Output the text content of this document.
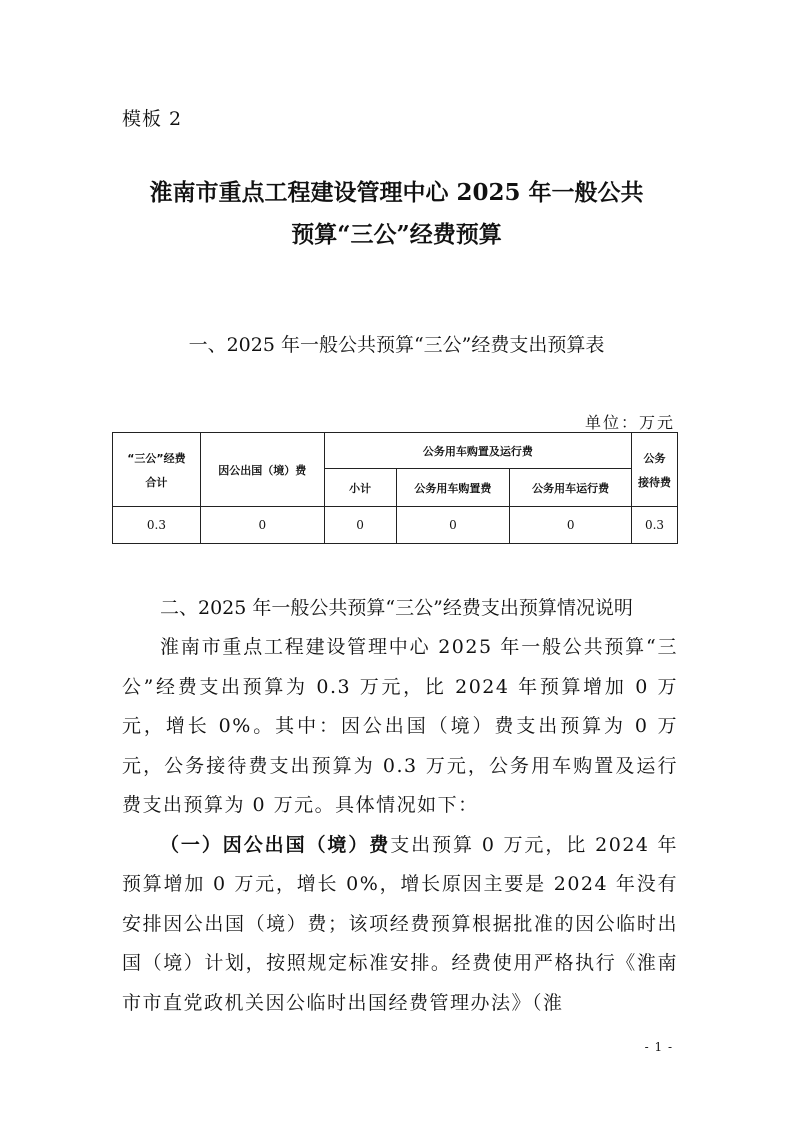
模板 2
淮南市重点工程建设管理中心 2025 年一般公共
预算“三公”经费预算
一、2025 年一般公共预算“三公”经费支出预算表
单位：万元
“三公”经费
合计	因公出国（境）费	公务用车购置及运行费			公务
接待费

		小计	公务用车购置费	公务用车运行费	
0.3	0	0	0	0	0.3
二、2025 年一般公共预算“三公”经费支出预算情况说明

淮南市重点工程建设管理中心 2025 年一般公共预算“三公”经费支出预算为 0.3 万元，比 2024 年预算增加 0 万元，增长 0%。其中：因公出国（境）费支出预算为 0 万元，公务接待费支出预算为 0.3 万元，公务用车购置及运行费支出预算为 0 万元。具体情况如下：

（一）因公出国（境）费支出预算 0 万元，比 2024 年预算增加 0 万元，增长 0%，增长原因主要是 2024 年没有安排因公出国（境）费；该项经费预算根据批准的因公临时出国（境）计划，按照规定标准安排。经费使用严格执行《淮南市市直党政机关因公临时出国经费管理办法》（淮

- 1 -
